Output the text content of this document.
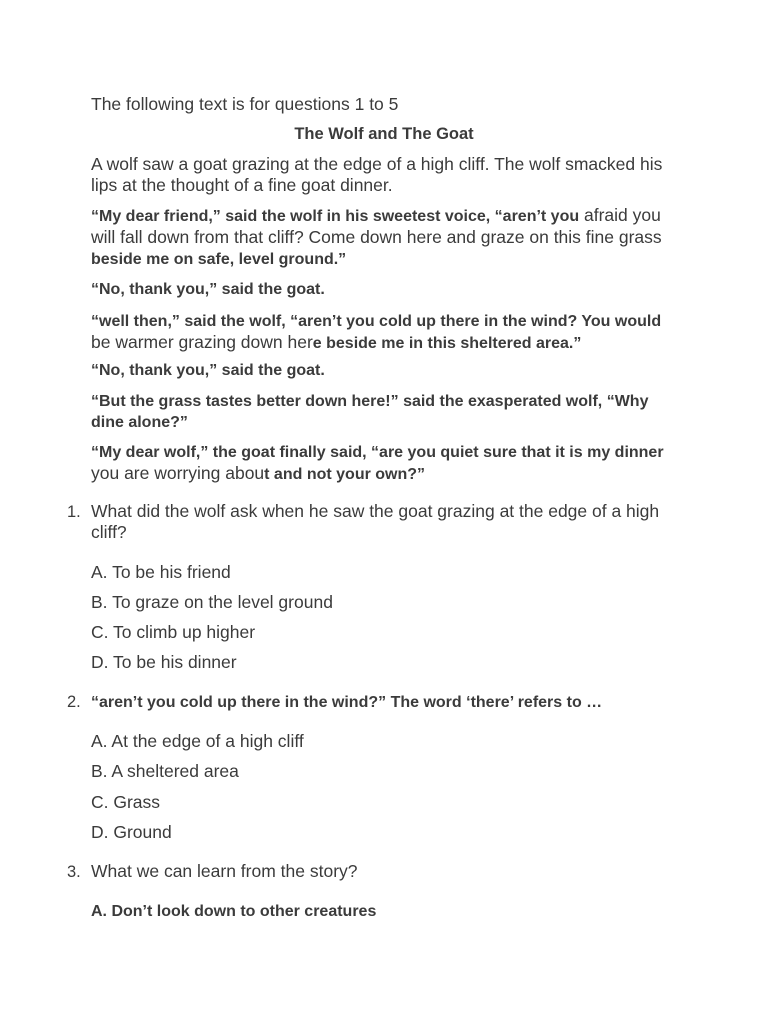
The following text is for questions 1 to 5

The Wolf and The Goat

A wolf saw a goat grazing at the edge of a high cliff. The wolf smacked his lips at the thought of a fine goat dinner.

“My dear friend,” said the wolf in his sweetest voice, “aren’t you afraid you will fall down from that cliff? Come down here and graze on this fine grass beside me on safe, level ground.”

“No, thank you,” said the goat.

“well then,” said the wolf, “aren’t you cold up there in the wind? You would be warmer grazing down here beside me in this sheltered area.”

“No, thank you,” said the goat.

“But the grass tastes better down here!” said the exasperated wolf, “Why dine alone?”

“My dear wolf,” the goat finally said, “are you quiet sure that it is my dinner you are worrying about and not your own?”

1. What did the wolf ask when he saw the goat grazing at the edge of a high cliff?

A. To be his friend

B. To graze on the level ground

C. To climb up higher

D. To be his dinner

2. “aren’t you cold up there in the wind?” The word ‘there’ refers to …

A. At the edge of a high cliff

B. A sheltered area

C. Grass

D. Ground

3. What we can learn from the story?

A. Don’t look down to other creatures
